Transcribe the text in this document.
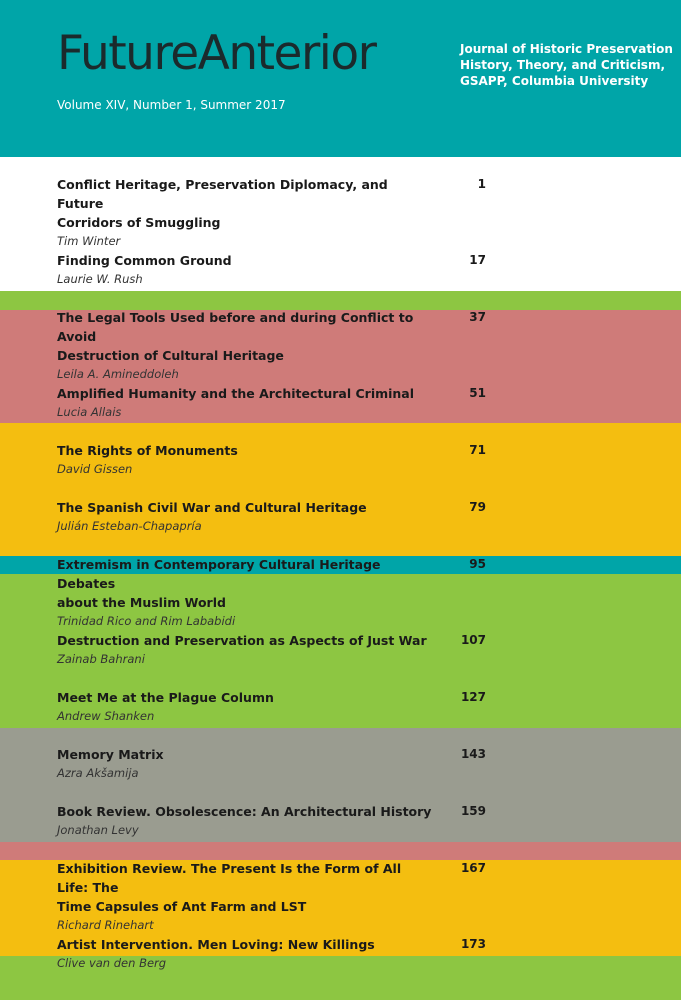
FutureAnterior
Volume XIV, Number 1, Summer 2017
Journal of Historic Preservation
History, Theory, and Criticism,
GSAPP, Columbia University
Conflict Heritage, Preservation Diplomacy, and Future
Corridors of Smuggling
Tim Winter
1
Finding Common Ground
Laurie W. Rush
17
The Legal Tools Used before and during Conflict to Avoid
Destruction of Cultural Heritage
Leila A. Amineddoleh
37
Amplified Humanity and the Architectural Criminal
Lucia Allais
51
The Rights of Monuments
David Gissen
71
The Spanish Civil War and Cultural Heritage
Julián Esteban-Chapapría
79
Extremism in Contemporary Cultural Heritage Debates
about the Muslim World
Trinidad Rico and Rim Lababidi
95
Destruction and Preservation as Aspects of Just War
Zainab Bahrani
107
Meet Me at the Plague Column
Andrew Shanken
127
Memory Matrix
Azra Akšamija
143
Book Review. Obsolescence: An Architectural History
Jonathan Levy
159
Exhibition Review. The Present Is the Form of All Life: The
Time Capsules of Ant Farm and LST
Richard Rinehart
167
Artist Intervention. Men Loving: New Killings
Clive van den Berg
173
